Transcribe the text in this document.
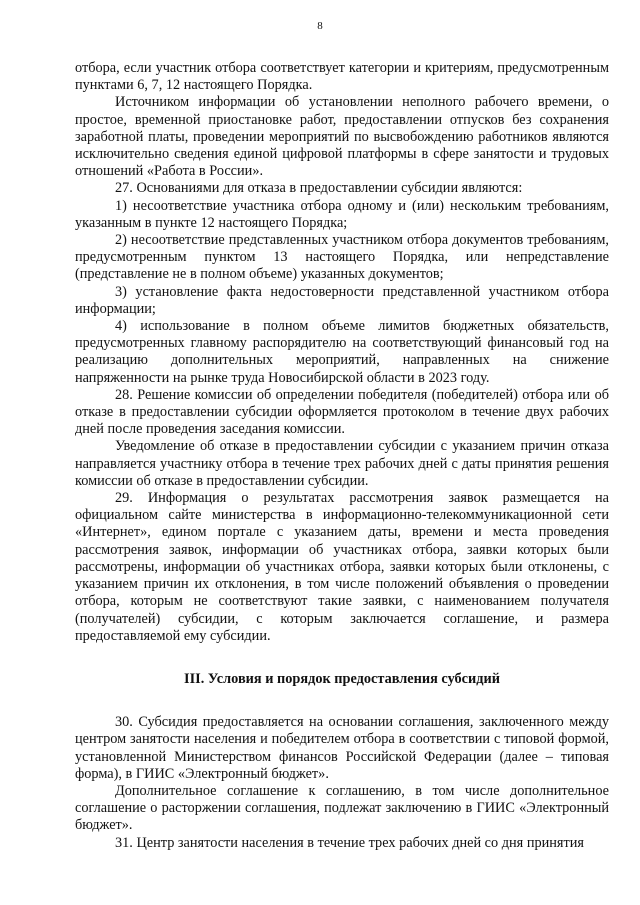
8

отбора, если участник отбора соответствует категории и критериям, предусмотренным пунктами 6, 7, 12 настоящего Порядка.

Источником информации об установлении неполного рабочего времени, о простое, временной приостановке работ, предоставлении отпусков без сохранения заработной платы, проведении мероприятий по высвобождению работников являются исключительно сведения единой цифровой платформы в сфере занятости и трудовых отношений «Работа в России».

27. Основаниями для отказа в предоставлении субсидии являются:

1) несоответствие участника отбора одному и (или) нескольким требованиям, указанным в пункте 12 настоящего Порядка;

2) несоответствие представленных участником отбора документов требованиям, предусмотренным пунктом 13 настоящего Порядка, или непредставление (представление не в полном объеме) указанных документов;

3) установление факта недостоверности представленной участником отбора информации;

4) использование в полном объеме лимитов бюджетных обязательств, предусмотренных главному распорядителю на соответствующий финансовый год на реализацию дополнительных мероприятий, направленных на снижение напряженности на рынке труда Новосибирской области в 2023 году.

28. Решение комиссии об определении победителя (победителей) отбора или об отказе в предоставлении субсидии оформляется протоколом в течение двух рабочих дней после проведения заседания комиссии.

Уведомление об отказе в предоставлении субсидии с указанием причин отказа направляется участнику отбора в течение трех рабочих дней с даты принятия решения комиссии об отказе в предоставлении субсидии.

29. Информация о результатах рассмотрения заявок размещается на официальном сайте министерства в информационно-телекоммуникационной сети «Интернет», едином портале с указанием даты, времени и места проведения рассмотрения заявок, информации об участниках отбора, заявки которых были рассмотрены, информации об участниках отбора, заявки которых были отклонены, с указанием причин их отклонения, в том числе положений объявления о проведении отбора, которым не соответствуют такие заявки, с наименованием получателя (получателей) субсидии, с которым заключается соглашение, и размера предоставляемой ему субсидии.

III. Условия и порядок предоставления субсидий

30. Субсидия предоставляется на основании соглашения, заключенного между центром занятости населения и победителем отбора в соответствии с типовой формой, установленной Министерством финансов Российской Федерации (далее – типовая форма), в ГИИС «Электронный бюджет».

Дополнительное соглашение к соглашению, в том числе дополнительное соглашение о расторжении соглашения, подлежат заключению в ГИИС «Электронный бюджет».

31. Центр занятости населения в течение трех рабочих дней со дня принятия
